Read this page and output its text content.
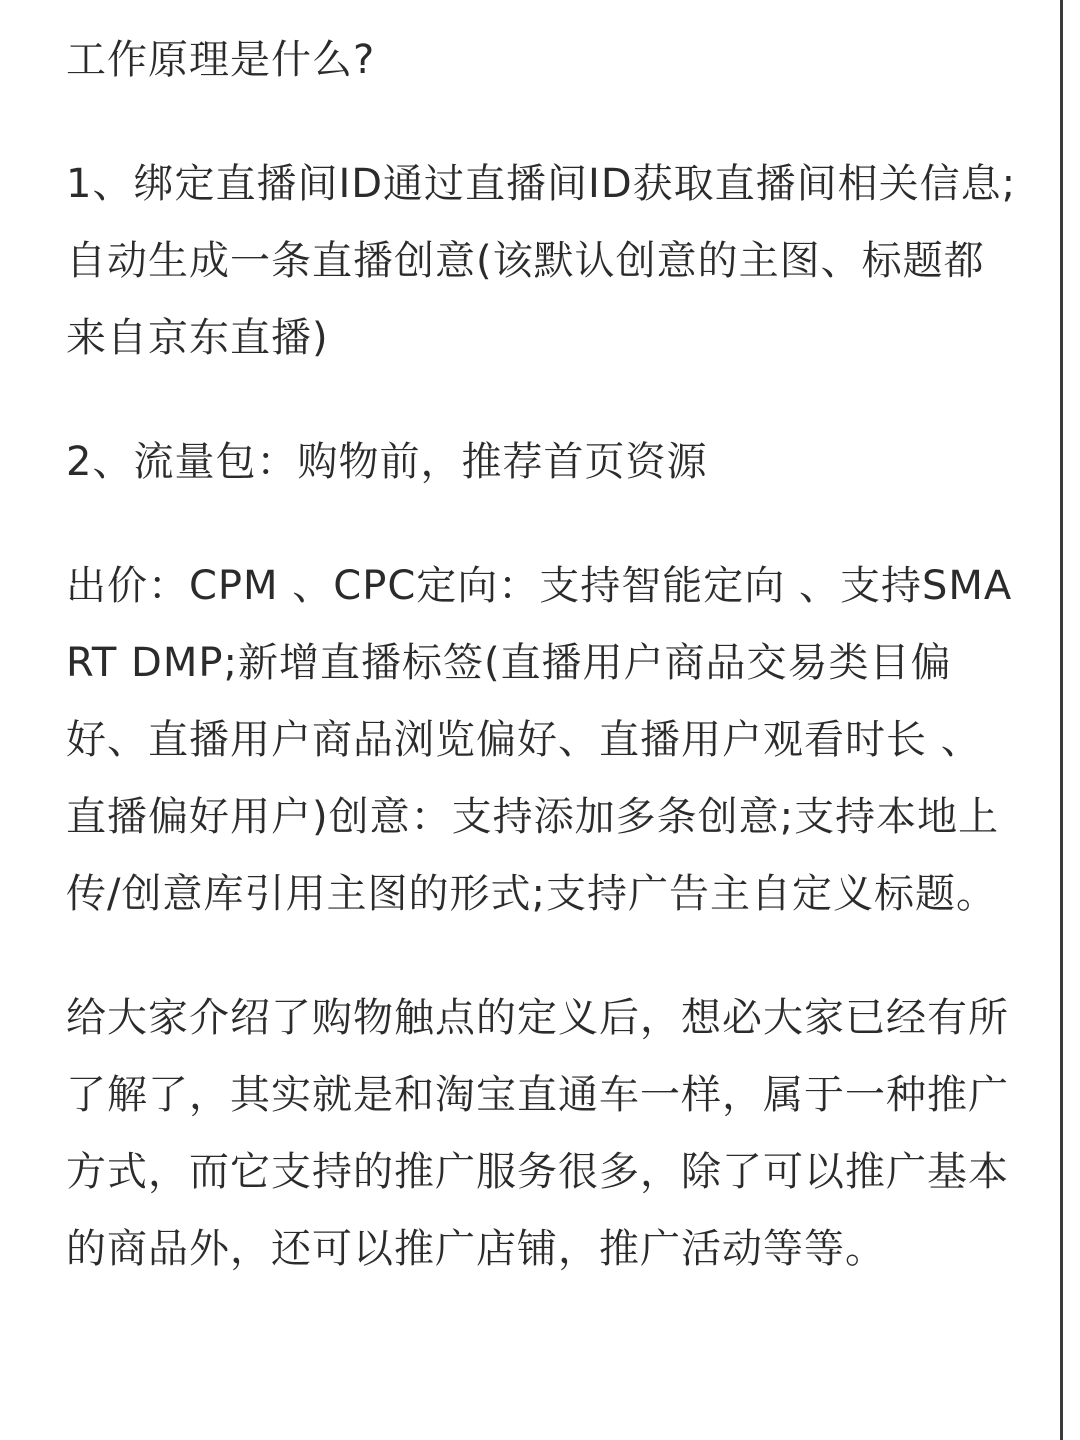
工作原理是什么?

1、绑定直播间ID通过直播间ID获取直播间相关信息;自动生成一条直播创意(该默认创意的主图、标题都来自京东直播)

2、流量包：购物前，推荐首页资源

出价：CPM 、CPC定向：支持智能定向 、支持SMART DMP;新增直播标签(直播用户商品交易类目偏好、直播用户商品浏览偏好、直播用户观看时长 、直播偏好用户)创意：支持添加多条创意;支持本地上传/创意库引用主图的形式;支持广告主自定义标题。

给大家介绍了购物触点的定义后，想必大家已经有所了解了，其实就是和淘宝直通车一样，属于一种推广方式，而它支持的推广服务很多，除了可以推广基本的商品外，还可以推广店铺，推广活动等等。
